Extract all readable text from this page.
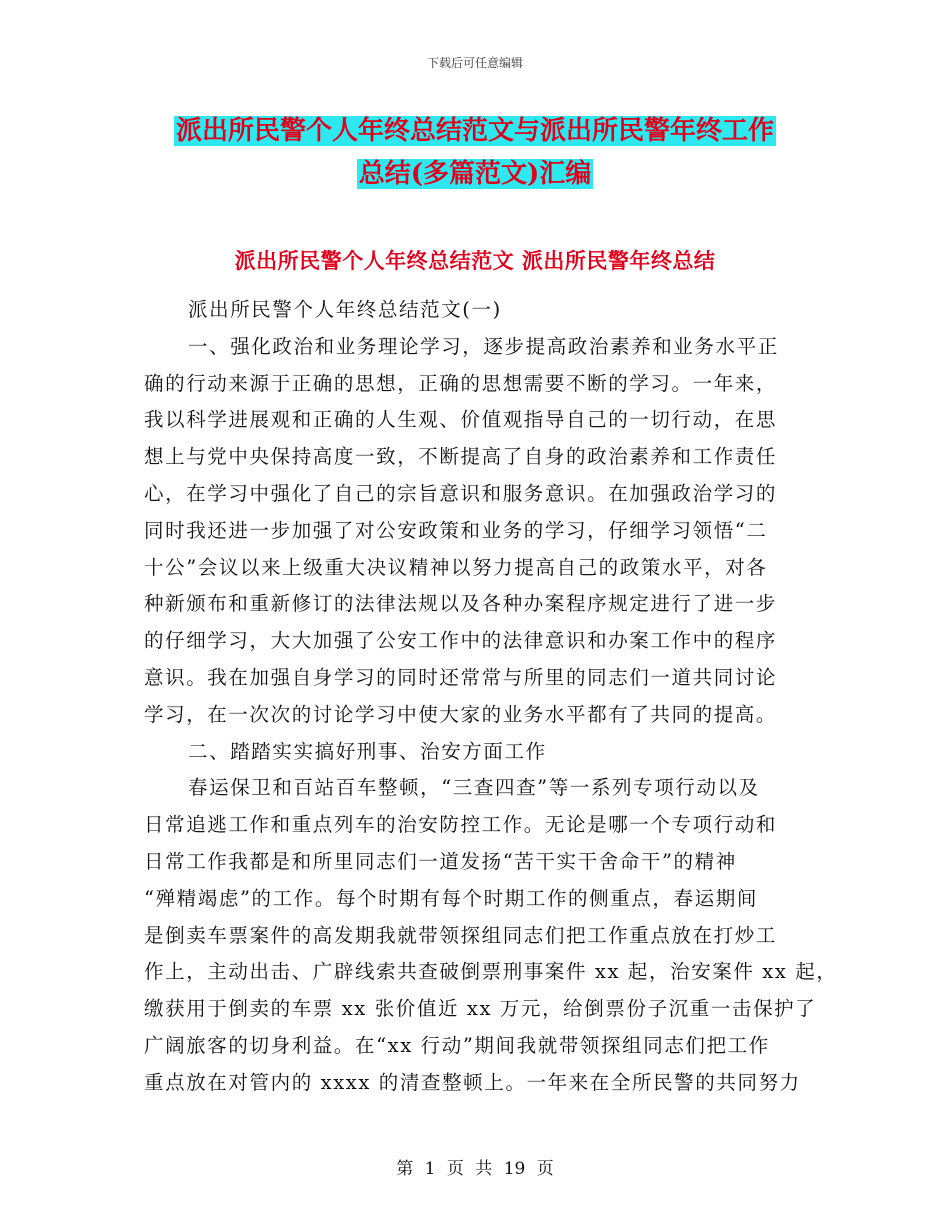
下载后可任意编辑
派出所民警个人年终总结范文与派出所民警年终工作
总结(多篇范文)汇编
派出所民警个人年终总结范文 派出所民警年终总结
派出所民警个人年终总结范文(一)
一、强化政治和业务理论学习，逐步提高政治素养和业务水平正
确的行动来源于正确的思想，正确的思想需要不断的学习。一年来，
我以科学进展观和正确的人生观、价值观指导自己的一切行动，在思
想上与党中央保持高度一致，不断提高了自身的政治素养和工作责任
心，在学习中强化了自己的宗旨意识和服务意识。在加强政治学习的
同时我还进一步加强了对公安政策和业务的学习，仔细学习领悟“二
十公”会议以来上级重大决议精神以努力提高自己的政策水平，对各
种新颁布和重新修订的法律法规以及各种办案程序规定进行了进一步
的仔细学习，大大加强了公安工作中的法律意识和办案工作中的程序
意识。我在加强自身学习的同时还常常与所里的同志们一道共同讨论
学习，在一次次的讨论学习中使大家的业务水平都有了共同的提高。
二、踏踏实实搞好刑事、治安方面工作
春运保卫和百站百车整顿，“三查四查”等一系列专项行动以及
日常追逃工作和重点列车的治安防控工作。无论是哪一个专项行动和
日常工作我都是和所里同志们一道发扬“苦干实干舍命干”的精神
“殚精竭虑”的工作。每个时期有每个时期工作的侧重点，春运期间
是倒卖车票案件的高发期我就带领探组同志们把工作重点放在打炒工
作上，主动出击、广辟线索共查破倒票刑事案件 xx 起，治安案件 xx 起，
缴获用于倒卖的车票 xx 张价值近 xx 万元，给倒票份子沉重一击保护了
广阔旅客的切身利益。在“xx 行动”期间我就带领探组同志们把工作
重点放在对管内的 xxxx 的清查整顿上。一年来在全所民警的共同努力
第 1 页 共 19 页
